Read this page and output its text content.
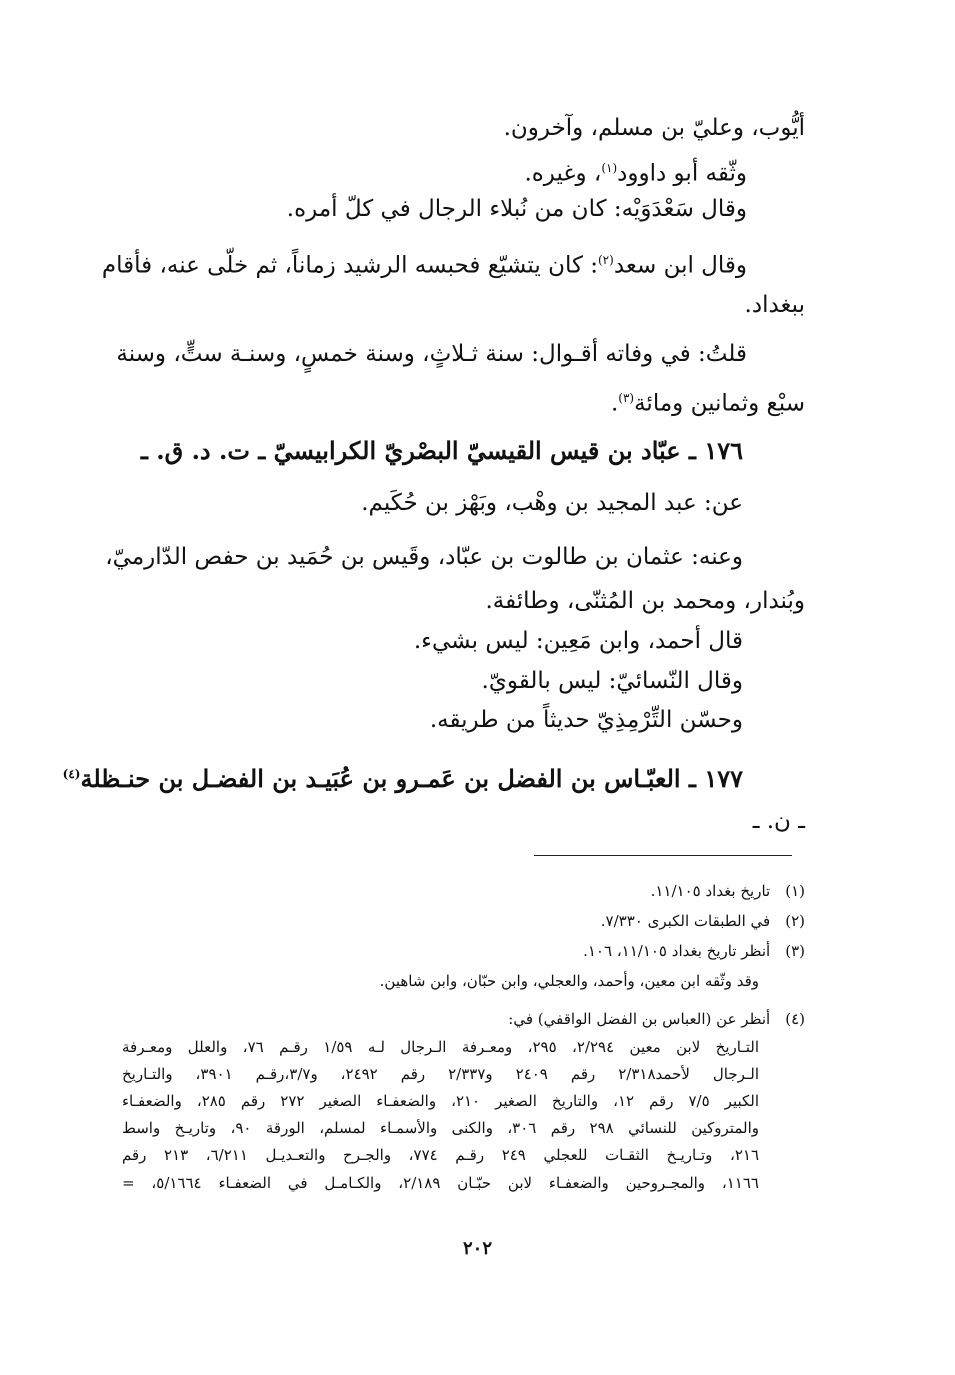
أيُّوب، وعليّ بن مسلم، وآخرون.
وثّقه أبو داوود$^{(١)}$، وغيره.
وقال سَعْدَوَيْه: كان من نُبلاء الرجال في كلّ أمره.
وقال ابن سعد$^{(٢)}$: كان يتشيّع فحبسه الرشيد زماناً، ثم خلّى عنه، فأقام
ببغداد.
قلتُ: في وفاته أقـوال: سنة ثـلاثٍ، وسنة خمسٍ، وسنـة ستٍّ، وسنة
سبْع وثمانين ومائة$^{(٣)}$.
١٧٦ ـ عبّاد بن قيس القيسيّ البصْريّ الكرابيسيّ ـ ت. د. ق. ـ
عن: عبد المجيد بن وهْب، وبَهْز بن حُكَيم.
وعنه: عثمان بن طالوت بن عبّاد، وقَيس بن حُمَيد بن حفص الدّارميّ،
وبُندار، ومحمد بن المُثنّى، وطائفة.
قال أحمد، وابن مَعِين: ليس بشيء.
وقال النّسائيّ: ليس بالقويّ.
وحسّن التِّرْمِذِيّ حديثاً من طريقه.
١٧٧ ـ العبّـاس بن الفضل بن عَمـرو بن عُبَيـد بن الفضـل بن حنـظلة$^{(٤)}$
ـ ن. ـ
(١) تاريخ بغداد ١١/١٠٥.
(٢) في الطبقات الكبرى ٧/٣٣٠.
(٣) أنظر تاريخ بغداد ١١/١٠٥، ١٠٦.
وقد وثّقه ابن معين، وأحمد، والعجلي، وابن حبّان، وابن شاهين.
(٤) أنظر عن (العباس بن الفضل الواقفي) في:
التـاريخ لابن معين ٢/٢٩٤، ٢٩٥، ومعـرفة الـرجال لـه ١/٥٩ رقـم ٧٦، والعلل ومعـرفة
الـرجال لأحمد٢/٣١٨ رقم ٢٤٠٩ و٢/٣٣٧ رقم ٢٤٩٢، و٣/٧،رقـم ٣٩٠١، والتـاريخ
الكبير ٧/٥ رقم ١٢، والتاريخ الصغير ٢١٠، والضعفـاء الصغير ٢٧٢ رقم ٢٨٥، والضعفـاء
والمتروكين للنسائي ٢٩٨ رقم ٣٠٦، والكنى والأسمـاء لمسلم، الورقة ٩٠، وتاريـخ واسط
٢١٦، وتـاريـخ الثقـات للعجلي ٢٤٩ رقـم ٧٧٤، والجـرح والتعـديـل ٦/٢١١، ٢١٣ رقم
١١٦٦، والمجـروحين والضعفـاء لابن حبّـان ٢/١٨٩، والكـامـل في الضعفـاء ٥/١٦٦٤، =
٢٠٢
